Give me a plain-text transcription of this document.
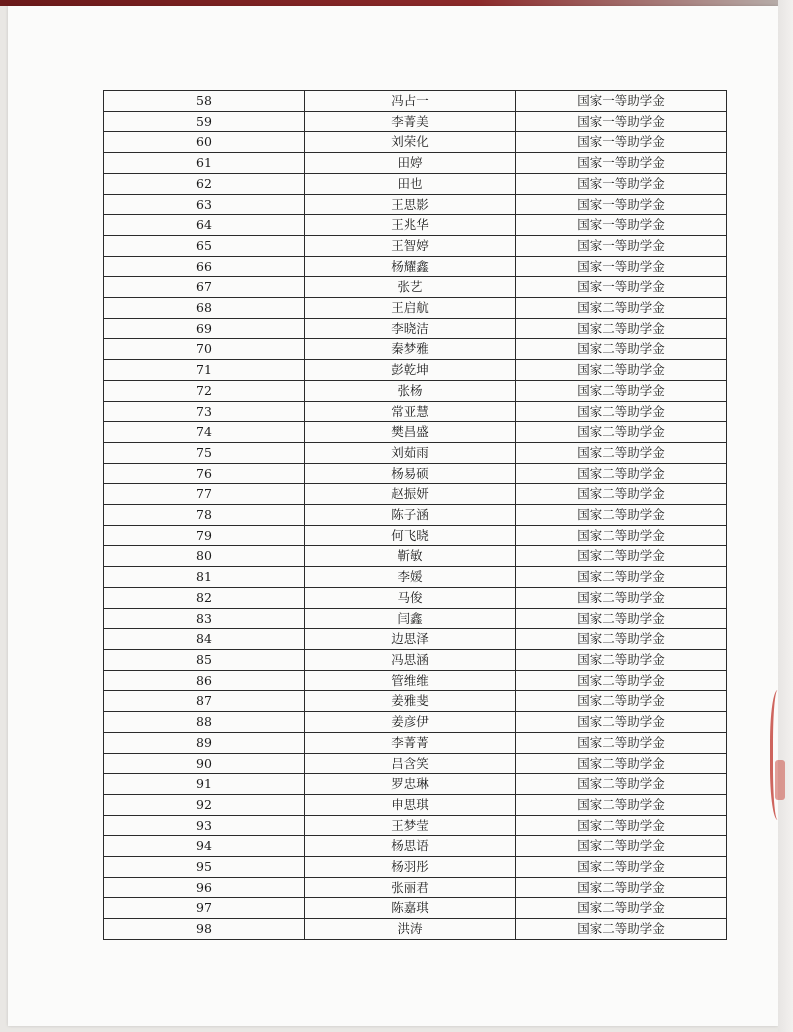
58	冯占一	国家一等助学金
59	李菁美	国家一等助学金
60	刘荣化	国家一等助学金
61	田婷	国家一等助学金
62	田也	国家一等助学金
63	王思影	国家一等助学金
64	王兆华	国家一等助学金
65	王智婷	国家一等助学金
66	杨耀鑫	国家一等助学金
67	张艺	国家一等助学金
68	王启航	国家二等助学金
69	李晓洁	国家二等助学金
70	秦梦雅	国家二等助学金
71	彭乾坤	国家二等助学金
72	张杨	国家二等助学金
73	常亚慧	国家二等助学金
74	樊昌盛	国家二等助学金
75	刘茹雨	国家二等助学金
76	杨易硕	国家二等助学金
77	赵振妍	国家二等助学金
78	陈子涵	国家二等助学金
79	何飞晓	国家二等助学金
80	靳敏	国家二等助学金
81	李媛	国家二等助学金
82	马俊	国家二等助学金
83	闫鑫	国家二等助学金
84	边思泽	国家二等助学金
85	冯思涵	国家二等助学金
86	管维维	国家二等助学金
87	姜雅斐	国家二等助学金
88	姜彦伊	国家二等助学金
89	李菁菁	国家二等助学金
90	吕含笑	国家二等助学金
91	罗忠琳	国家二等助学金
92	申思琪	国家二等助学金
93	王梦莹	国家二等助学金
94	杨思语	国家二等助学金
95	杨羽彤	国家二等助学金
96	张丽君	国家二等助学金
97	陈嘉琪	国家二等助学金
98	洪涛	国家二等助学金
